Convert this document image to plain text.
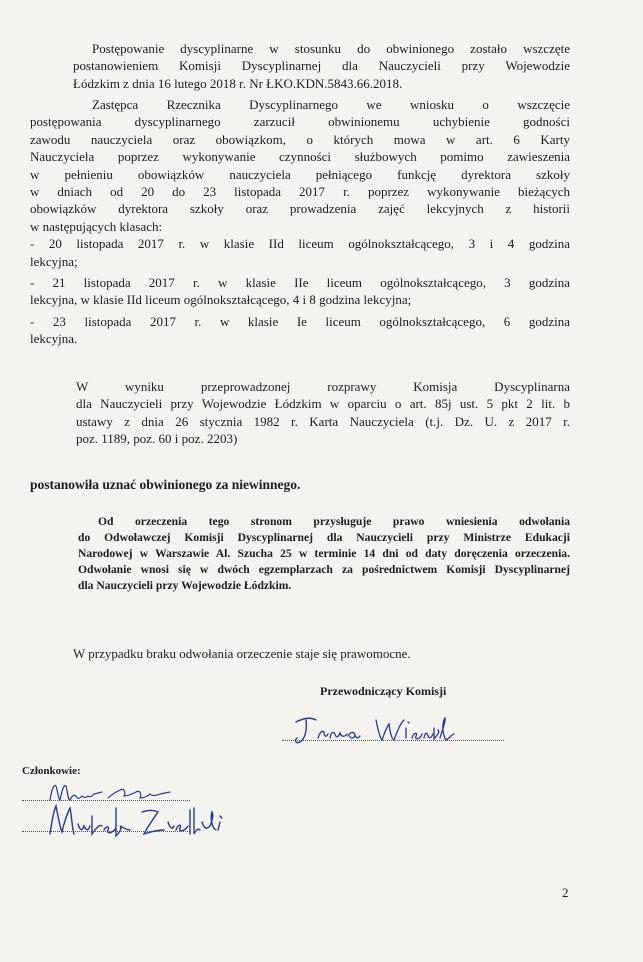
Postępowanie dyscyplinarne w stosunku do obwinionego zostało wszczęte
postanowieniem Komisji Dyscyplinarnej dla Nauczycieli przy Wojewodzie
Łódzkim z dnia 16 lutego 2018 r. Nr ŁKO.KDN.5843.66.2018.
Zastępca Rzecznika Dyscyplinarnego we wniosku o wszczęcie
postępowania dyscyplinarnego zarzucił obwinionemu uchybienie godności
zawodu nauczyciela oraz obowiązkom, o których mowa w art. 6 Karty
Nauczyciela poprzez wykonywanie czynności służbowych pomimo zawieszenia
w pełnieniu obowiązków nauczyciela pełniącego funkcję dyrektora szkoły
w dniach od 20 do 23 listopada 2017 r. poprzez wykonywanie bieżących
obowiązków dyrektora szkoły oraz prowadzenia zajęć lekcyjnych z historii
w następujących klasach:
- 20 listopada 2017 r. w klasie IId liceum ogólnokształcącego, 3 i 4 godzina
lekcyjna;
- 21 listopada 2017 r. w klasie IIe liceum ogólnokształcącego, 3 godzina
lekcyjna, w klasie IId liceum ogólnokształcącego, 4 i 8 godzina lekcyjna;
- 23 listopada 2017 r. w klasie Ie liceum ogólnokształcącego, 6 godzina
lekcyjna.
W wyniku przeprowadzonej rozprawy Komisja Dyscyplinarna
dla Nauczycieli przy Wojewodzie Łódzkim w oparciu o art. 85j ust. 5 pkt 2 lit. b
ustawy z dnia 26 stycznia 1982 r. Karta Nauczyciela (t.j. Dz. U. z 2017 r.
poz. 1189, poz. 60 i poz. 2203)
postanowiła uznać obwinionego za niewinnego.
Od orzeczenia tego stronom przysługuje prawo wniesienia odwołania
do Odwoławczej Komisji Dyscyplinarnej dla Nauczycieli przy Ministrze Edukacji
Narodowej w Warszawie Al. Szucha 25 w terminie 14 dni od daty doręczenia orzeczenia.
Odwołanie wnosi się w dwóch egzemplarzach za pośrednictwem Komisji Dyscyplinarnej
dla Nauczycieli przy Wojewodzie Łódzkim.
W przypadku braku odwołania orzeczenie staje się prawomocne.
Przewodniczący Komisji
Członkowie:
2
